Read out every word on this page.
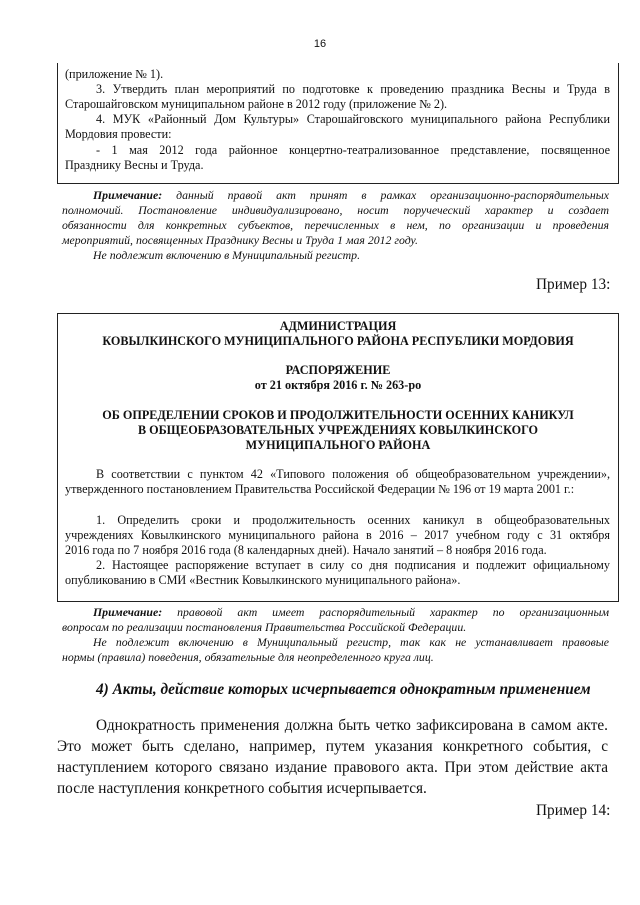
16

(приложение № 1).

3. Утвердить план мероприятий по подготовке к проведению праздника Весны и Труда в

Старошайговском муниципальном районе в 2012 году (приложение № 2).

4. МУК «Районный Дом Культуры» Старошайговского муниципального района Республики

Мордовия провести:

- 1 мая 2012 года районное концертно-театрализованное представление, посвященное

Празднику Весны и Труда.

Примечание: данный правой акт принят в рамках организационно-распорядительных

полномочий. Постановление индивидуализировано, носит поручеческий характер и создает

обязанности для конкретных субъектов, перечисленных в нем, по организации и проведения

мероприятий, посвященных Празднику Весны и Труда 1 мая 2012 году.

Не подлежит включению в Муниципальный регистр.

Пример 13:

АДМИНИСТРАЦИЯ

КОВЫЛКИНСКОГО МУНИЦИПАЛЬНОГО РАЙОНА РЕСПУБЛИКИ МОРДОВИЯ

РАСПОРЯЖЕНИЕ

от 21 октября 2016 г. № 263-ро

ОБ ОПРЕДЕЛЕНИИ СРОКОВ И ПРОДОЛЖИТЕЛЬНОСТИ ОСЕННИХ КАНИКУЛ

В ОБЩЕОБРАЗОВАТЕЛЬНЫХ УЧРЕЖДЕНИЯХ КОВЫЛКИНСКОГО

МУНИЦИПАЛЬНОГО РАЙОНА

В соответствии с пунктом 42 «Типового положения об общеобразовательном учреждении»,

утвержденного постановлением Правительства Российской Федерации № 196 от 19 марта 2001 г.:

1. Определить сроки и продолжительность осенних каникул в общеобразовательных

учреждениях Ковылкинского муниципального района в 2016 – 2017 учебном году с 31 октября

2016 года по 7 ноября 2016 года (8 календарных дней). Начало занятий – 8 ноября 2016 года.

2. Настоящее распоряжение вступает в силу со дня подписания и подлежит официальному

опубликованию в СМИ «Вестник Ковылкинского муниципального района».

Примечание: правовой акт имеет распорядительный характер по организационным

вопросам по реализации постановления Правительства Российской Федерации.

Не подлежит включению в Муниципальный регистр, так как не устанавливает правовые

нормы (правила) поведения, обязательные для неопределенного круга лиц.

4) Акты, действие которых исчерпывается однократным применением

Однократность применения должна быть четко зафиксирована в самом акте.

Это может быть сделано, например, путем указания конкретного события, с

наступлением которого связано издание правового акта. При этом действие акта

после наступления конкретного события исчерпывается.

Пример 14:
